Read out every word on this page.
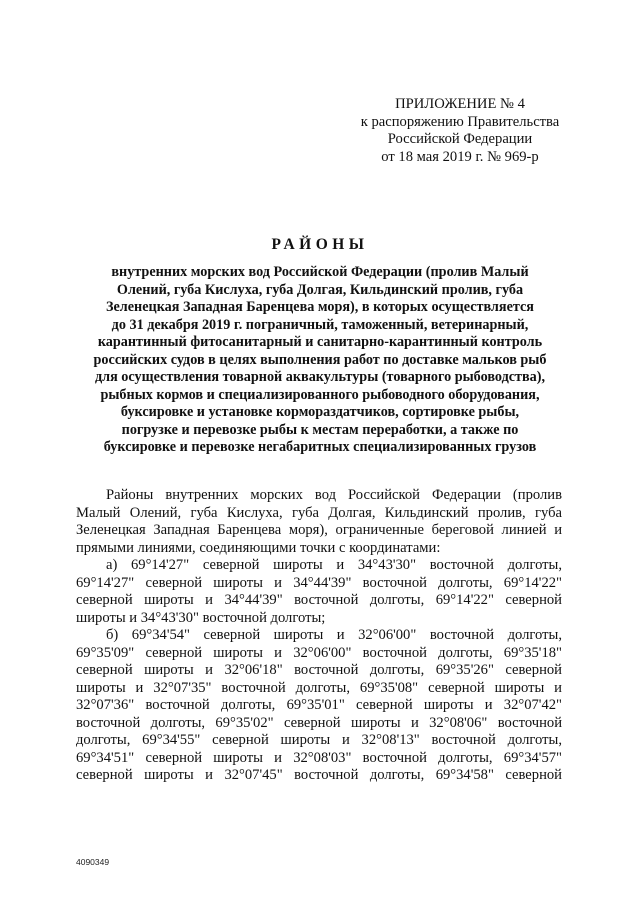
ПРИЛОЖЕНИЕ № 4
к распоряжению Правительства
Российской Федерации
от 18 мая 2019 г. № 969-р
РАЙОНЫ
внутренних морских вод Российской Федерации (пролив Малый
Олений, губа Кислуха, губа Долгая, Кильдинский пролив, губа
Зеленецкая Западная Баренцева моря), в которых осуществляется
до 31 декабря 2019 г. пограничный, таможенный, ветеринарный,
карантинный фитосанитарный и санитарно-карантинный контроль
российских судов в целях выполнения работ по доставке мальков рыб
для осуществления товарной аквакультуры (товарного рыбоводства),
рыбных кормов и специализированного рыбоводного оборудования,
буксировке и установке кормораздатчиков, сортировке рыбы,
погрузке и перевозке рыбы к местам переработки, а также по
буксировке и перевозке негабаритных специализированных грузов
Районы внутренних морских вод Российской Федерации (пролив
Малый Олений, губа Кислуха, губа Долгая, Кильдинский пролив, губа
Зеленецкая Западная Баренцева моря), ограниченные береговой линией и
прямыми линиями, соединяющими точки с координатами:
а) 69°14'27" северной широты и 34°43'30" восточной долготы,
69°14'27" северной широты и 34°44'39" восточной долготы, 69°14'22"
северной широты и 34°44'39" восточной долготы, 69°14'22" северной
широты и 34°43'30" восточной долготы;
б) 69°34'54" северной широты и 32°06'00" восточной долготы,
69°35'09" северной широты и 32°06'00" восточной долготы, 69°35'18"
северной широты и 32°06'18" восточной долготы, 69°35'26" северной
широты и 32°07'35" восточной долготы, 69°35'08" северной широты и
32°07'36" восточной долготы, 69°35'01" северной широты и 32°07'42"
восточной долготы, 69°35'02" северной широты и 32°08'06" восточной
долготы, 69°34'55" северной широты и 32°08'13" восточной долготы,
69°34'51" северной широты и 32°08'03" восточной долготы, 69°34'57"
северной широты и 32°07'45" восточной долготы, 69°34'58" северной
4090349
